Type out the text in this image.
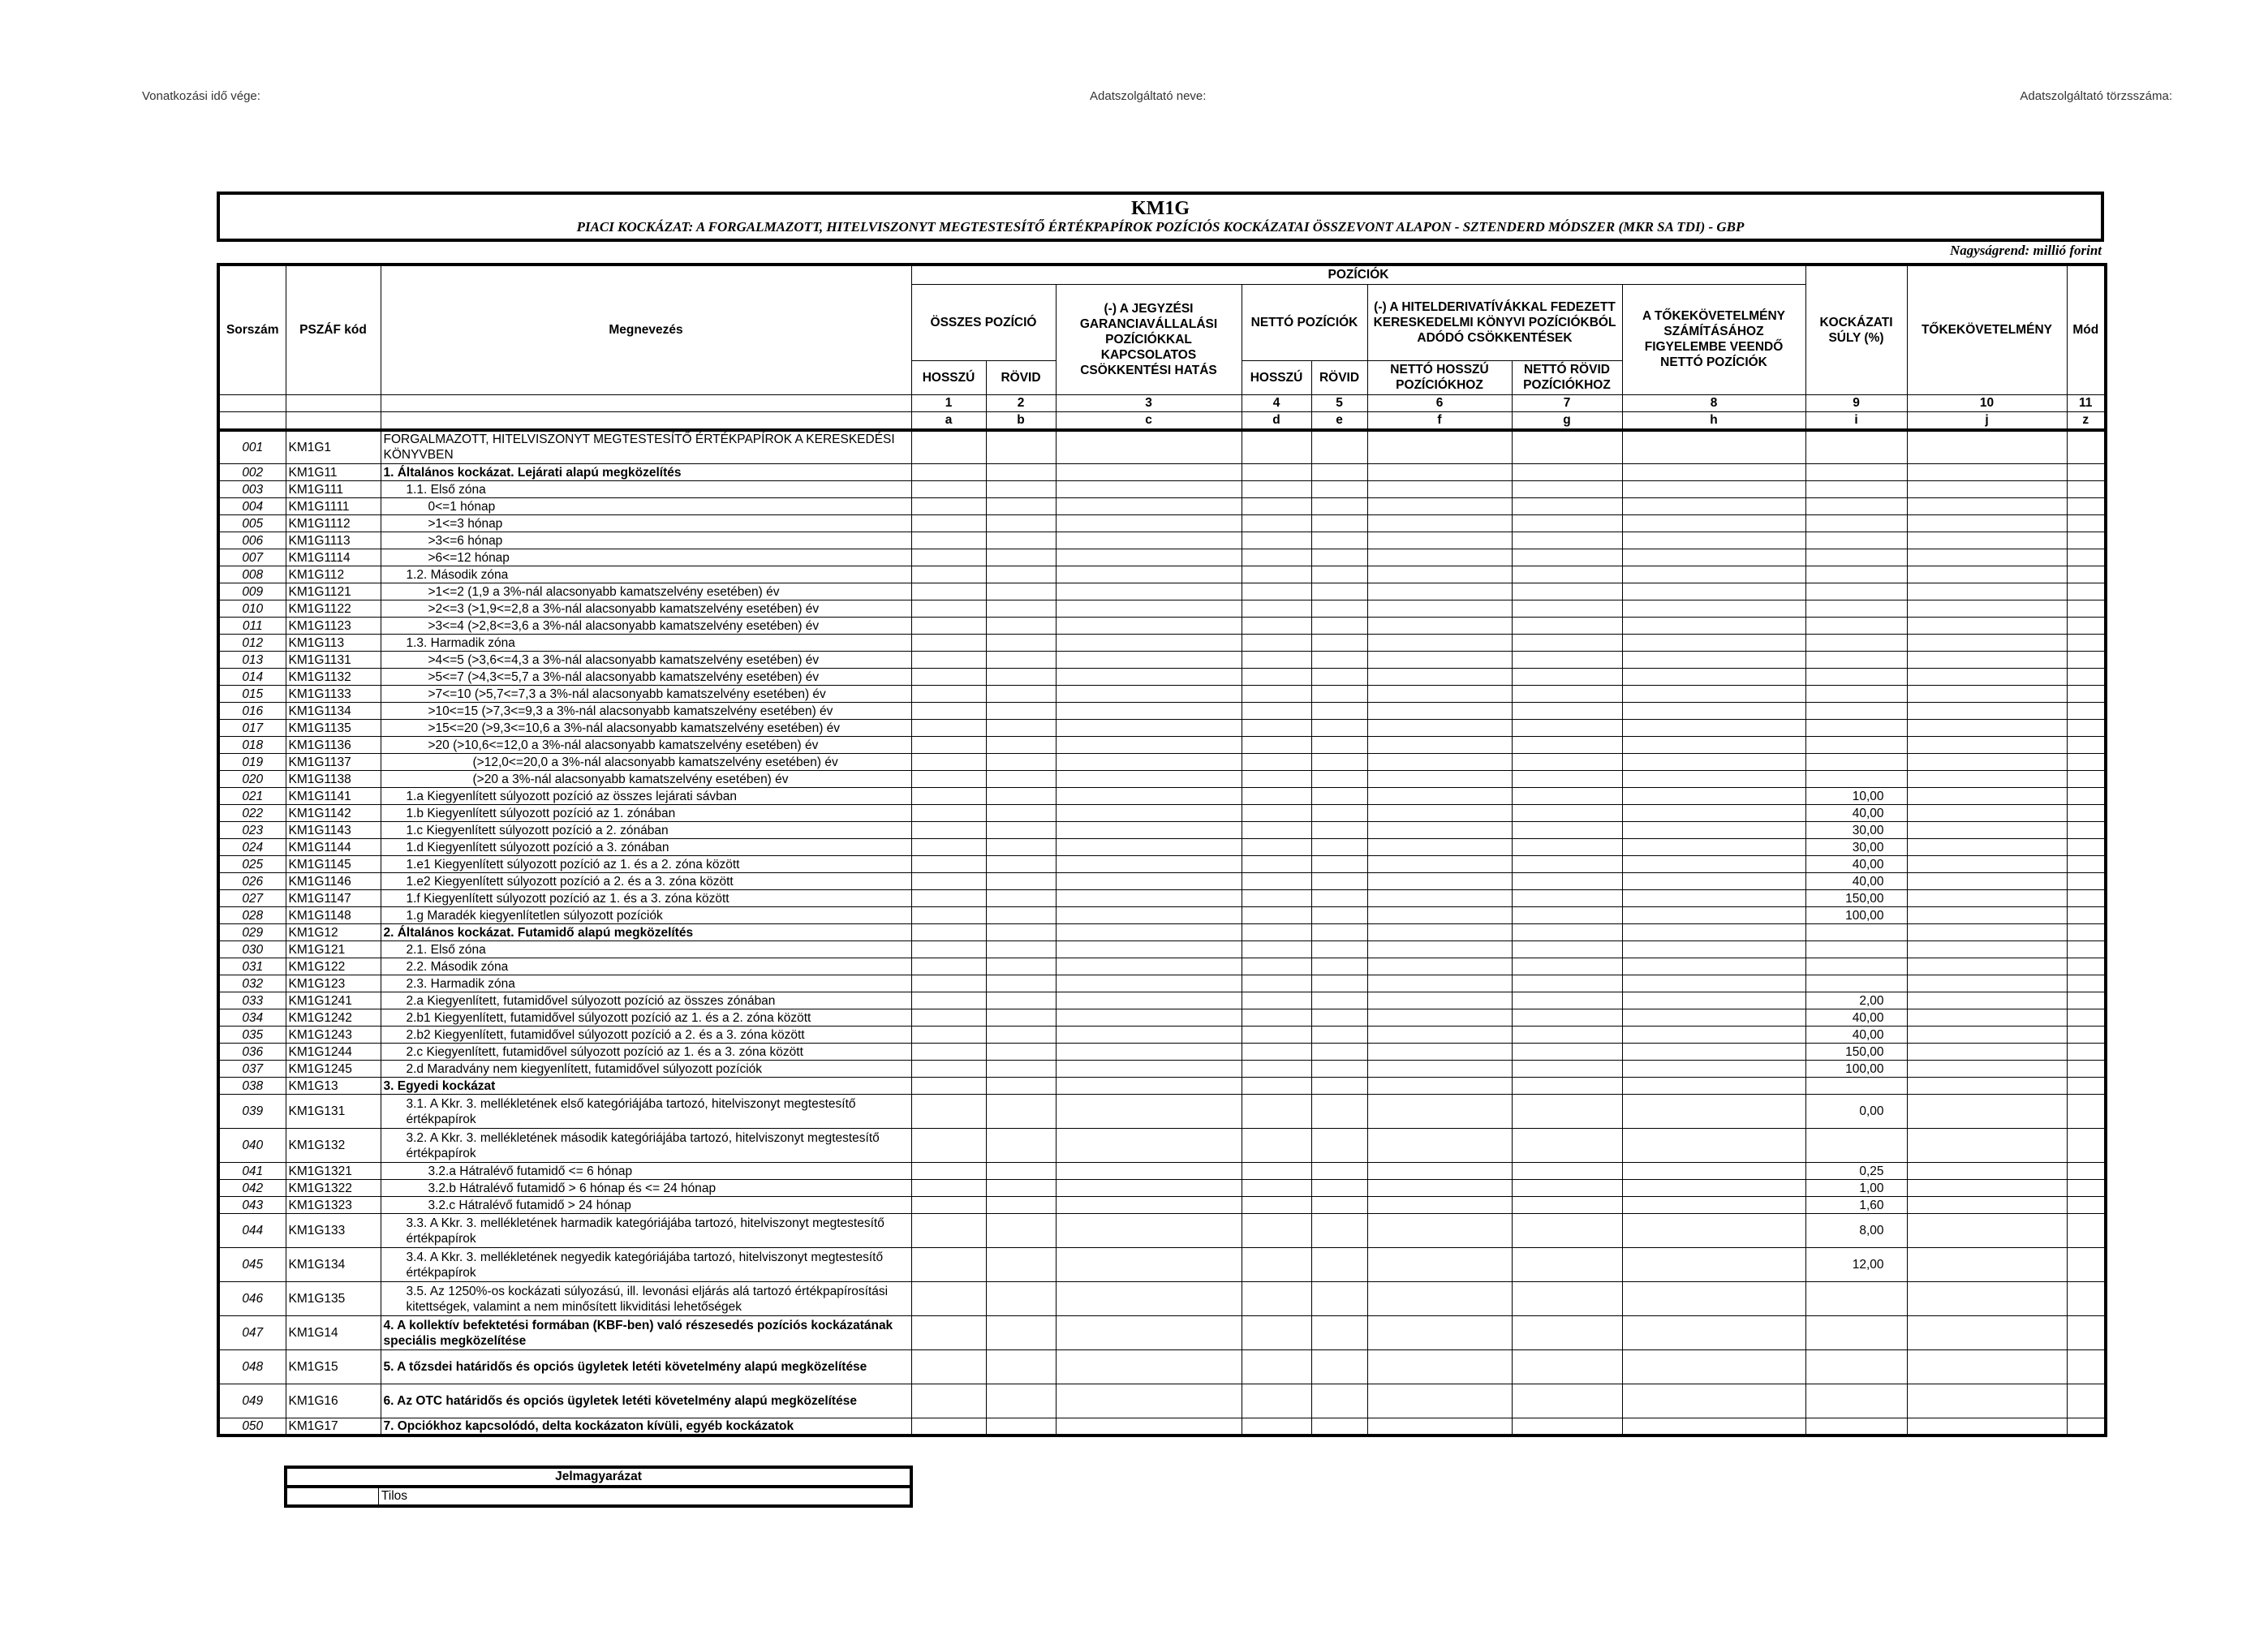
Vonatkozási idő vége:	Adatszolgáltató neve:	Adatszolgáltató törzsszáma:
KM1G
PIACI KOCKÁZAT: A FORGALMAZOTT, HITELVISZONYT MEGTESTESÍTŐ ÉRTÉKPAPÍROK POZÍCIÓS KOCKÁZATAI ÖSSZEVONT ALAPON - SZTENDERD MÓDSZER (MKR SA TDI) - GBP
Nagyságrend: millió forint
Sorszám	PSZÁF kód	Megnevezés	POZÍCIÓK								KOCKÁZATI SÚLY (%)	TŐKEKÖVETELMÉNY	Mód
			ÖSSZES POZÍCIÓ		(-) A JEGYZÉSI GARANCIAVÁLLALÁSI POZÍCIÓKKAL KAPCSOLATOS CSÖKKENTÉSI HATÁS	NETTÓ POZÍCIÓK		(-) A HITELDERIVATÍVÁKKAL FEDEZETT KERESKEDELMI KÖNYVI POZÍCIÓKBÓL ADÓDÓ CSÖKKENTÉSEK		A TŐKEKÖVETELMÉNY SZÁMÍTÁSÁHOZ FIGYELEMBE VEENDŐ NETTÓ POZÍCIÓK			
			HOSSZÚ	RÖVID		HOSSZÚ	RÖVID	NETTÓ HOSSZÚ POZÍCIÓKHOZ	NETTÓ RÖVID POZÍCIÓKHOZ				

			1	2	3	4	5	6	7	8	9	10	11
			a	b	c	d	e	f	g	h	i	j	z
001	KM1G1	FORGALMAZOTT, HITELVISZONYT MEGTESTESÍTŐ ÉRTÉKPAPÍROK A KERESKEDÉSI KÖNYVBEN											
002	KM1G11	1. Általános kockázat. Lejárati alapú megközelítés											
003	KM1G111	1.1. Első zóna											
004	KM1G1111	0<=1 hónap											
005	KM1G1112	>1<=3 hónap											
006	KM1G1113	>3<=6 hónap											
007	KM1G1114	>6<=12 hónap											
008	KM1G112	1.2. Második zóna											
009	KM1G1121	>1<=2 (1,9 a 3%-nál alacsonyabb kamatszelvény esetében) év											
010	KM1G1122	>2<=3 (>1,9<=2,8 a 3%-nál alacsonyabb kamatszelvény esetében) év											
011	KM1G1123	>3<=4 (>2,8<=3,6 a 3%-nál alacsonyabb kamatszelvény esetében) év											
012	KM1G113	1.3. Harmadik zóna											
013	KM1G1131	>4<=5 (>3,6<=4,3 a 3%-nál alacsonyabb kamatszelvény esetében) év											
014	KM1G1132	>5<=7 (>4,3<=5,7 a 3%-nál alacsonyabb kamatszelvény esetében) év											
015	KM1G1133	>7<=10 (>5,7<=7,3 a 3%-nál alacsonyabb kamatszelvény esetében) év											
016	KM1G1134	>10<=15 (>7,3<=9,3 a 3%-nál alacsonyabb kamatszelvény esetében) év											
017	KM1G1135	>15<=20 (>9,3<=10,6 a 3%-nál alacsonyabb kamatszelvény esetében) év											
018	KM1G1136	>20 (>10,6<=12,0 a 3%-nál alacsonyabb kamatszelvény esetében) év											
019	KM1G1137	(>12,0<=20,0 a 3%-nál alacsonyabb kamatszelvény esetében) év											
020	KM1G1138	(>20 a 3%-nál alacsonyabb kamatszelvény esetében) év											
021	KM1G1141	1.a Kiegyenlített súlyozott pozíció az összes lejárati sávban									10,00		
022	KM1G1142	1.b Kiegyenlített súlyozott pozíció az 1. zónában									40,00		
023	KM1G1143	1.c Kiegyenlített súlyozott pozíció a 2. zónában									30,00		
024	KM1G1144	1.d Kiegyenlített súlyozott pozíció a 3. zónában									30,00		
025	KM1G1145	1.e1 Kiegyenlített súlyozott pozíció az 1. és a 2. zóna között									40,00		
026	KM1G1146	1.e2 Kiegyenlített súlyozott pozíció a 2. és a 3. zóna között									40,00		
027	KM1G1147	1.f Kiegyenlített súlyozott pozíció az 1. és a 3. zóna között									150,00		
028	KM1G1148	1.g Maradék kiegyenlítetlen súlyozott pozíciók									100,00		
029	KM1G12	2. Általános kockázat. Futamidő alapú megközelítés											
030	KM1G121	2.1. Első zóna											
031	KM1G122	2.2. Második zóna											
032	KM1G123	2.3. Harmadik zóna											
033	KM1G1241	2.a Kiegyenlített, futamidővel súlyozott pozíció az összes zónában									2,00		
034	KM1G1242	2.b1 Kiegyenlített, futamidővel súlyozott pozíció az 1. és a 2. zóna között									40,00		
035	KM1G1243	2.b2 Kiegyenlített, futamidővel súlyozott pozíció a 2. és a 3. zóna között									40,00		
036	KM1G1244	2.c Kiegyenlített, futamidővel súlyozott pozíció az 1. és a 3. zóna között									150,00		
037	KM1G1245	2.d Maradvány nem kiegyenlített, futamidővel súlyozott pozíciók									100,00		
038	KM1G13	3. Egyedi kockázat											
039	KM1G131	3.1. A Kkr. 3. mellékletének első kategóriájába tartozó, hitelviszonyt megtestesítő értékpapírok									0,00		
040	KM1G132	3.2. A Kkr. 3. mellékletének második kategóriájába tartozó, hitelviszonyt megtestesítő értékpapírok											
041	KM1G1321	3.2.a Hátralévő futamidő <= 6 hónap									0,25		
042	KM1G1322	3.2.b Hátralévő futamidő > 6 hónap és <= 24 hónap									1,00		
043	KM1G1323	3.2.c Hátralévő futamidő > 24 hónap									1,60		
044	KM1G133	3.3. A Kkr. 3. mellékletének harmadik kategóriájába tartozó, hitelviszonyt megtestesítő értékpapírok									8,00		
045	KM1G134	3.4. A Kkr. 3. mellékletének negyedik kategóriájába tartozó, hitelviszonyt megtestesítő értékpapírok									12,00		
046	KM1G135	3.5. Az 1250%-os kockázati súlyozású, ill. levonási eljárás alá tartozó értékpapírosítási kitettségek, valamint a nem minősített likviditási lehetőségek											
047	KM1G14	4. A kollektív befektetési formában (KBF-ben) való részesedés pozíciós kockázatának speciális megközelítése											
048	KM1G15	5. A tőzsdei határidős és opciós ügyletek letéti követelmény alapú megközelítése											
049	KM1G16	6. Az OTC határidős és opciós ügyletek letéti követelmény alapú megközelítése											
050	KM1G17	7. Opciókhoz kapcsolódó, delta kockázaton kívüli, egyéb kockázatok											
Jelmagyarázat
	Tilos
